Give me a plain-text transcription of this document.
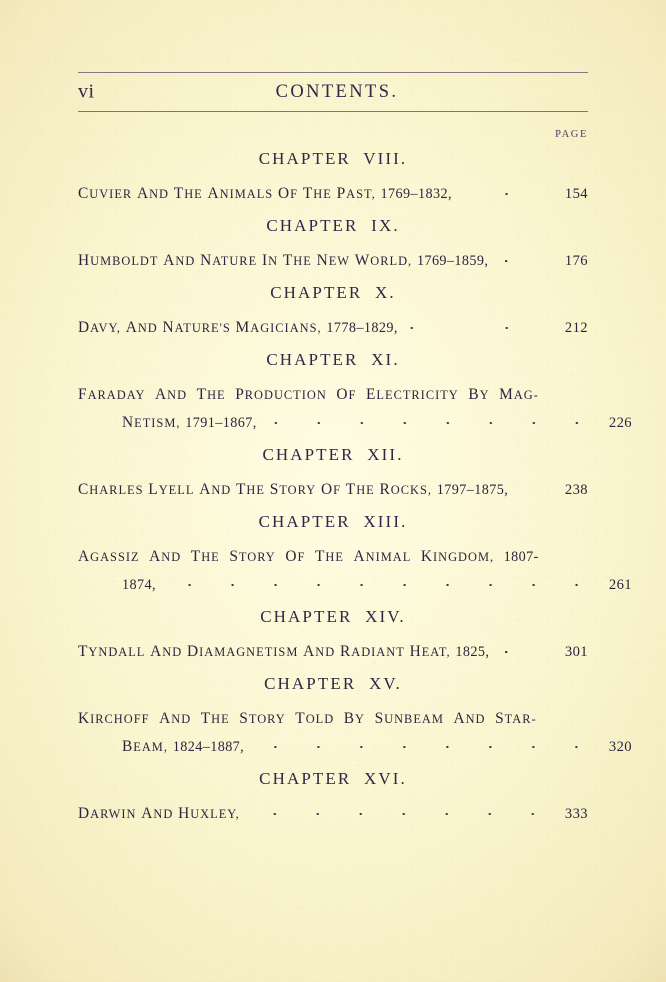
vi	CONTENTS.
PAGE
CHAPTER  VIII.
CUVIER AND THE ANIMALS OF THE PAST, 1769–1832,	154
CHAPTER  IX.
HUMBOLDT AND NATURE IN THE NEW WORLD, 1769–1859,	176
CHAPTER  X.
DAVY, AND NATURE'S MAGICIANS, 1778–1829,	212
CHAPTER  XI.
FARADAY AND THE PRODUCTION OF ELECTRICITY BY MAG-
NETISM, 1791–1867,	226
CHAPTER  XII.
CHARLES LYELL AND THE STORY OF THE ROCKS, 1797–1875,	238
CHAPTER  XIII.
AGASSIZ AND THE STORY OF THE ANIMAL KINGDOM, 1807-
1874,	261
CHAPTER  XIV.
TYNDALL AND DIAMAGNETISM AND RADIANT HEAT, 1825,	301
CHAPTER  XV.
KIRCHOFF AND THE STORY TOLD BY SUNBEAM AND STAR-
BEAM, 1824–1887,	320
CHAPTER  XVI.
DARWIN AND HUXLEY,	333
